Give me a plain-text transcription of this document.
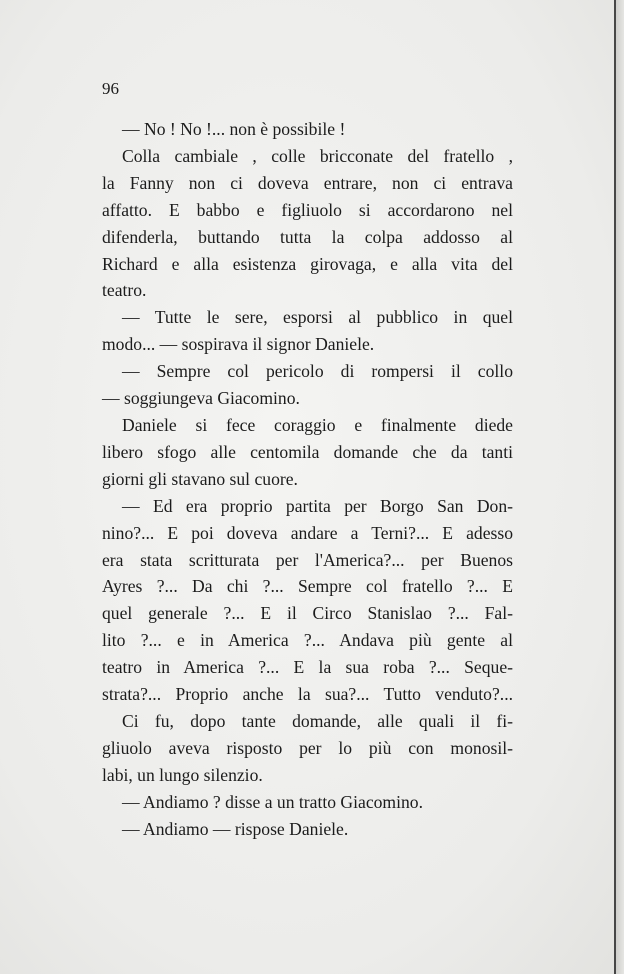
96
— No ! No !... non è possibile !
Colla cambiale , colle bricconate del fratello ,
la Fanny non ci doveva entrare, non ci entrava
affatto. E babbo e figliuolo si accordarono nel
difenderla, buttando tutta la colpa addosso al
Richard e alla esistenza girovaga, e alla vita del
teatro.
— Tutte le sere, esporsi al pubblico in quel
modo... — sospirava il signor Daniele.
— Sempre col pericolo di rompersi il collo
— soggiungeva Giacomino.
Daniele si fece coraggio e finalmente diede
libero sfogo alle centomila domande che da tanti
giorni gli stavano sul cuore.
— Ed era proprio partita per Borgo San Don-
nino?... E poi doveva andare a Terni?... E adesso
era stata scritturata per l'America?... per Buenos
Ayres ?... Da chi ?... Sempre col fratello ?... E
quel generale ?... E il Circo Stanislao ?... Fal-
lito ?... e in America ?... Andava più gente al
teatro in America ?... E la sua roba ?... Seque-
strata?... Proprio anche la sua?... Tutto venduto?...
Ci fu, dopo tante domande, alle quali il fi-
gliuolo aveva risposto per lo più con monosil-
labi, un lungo silenzio.
— Andiamo ? disse a un tratto Giacomino.
— Andiamo — rispose Daniele.
